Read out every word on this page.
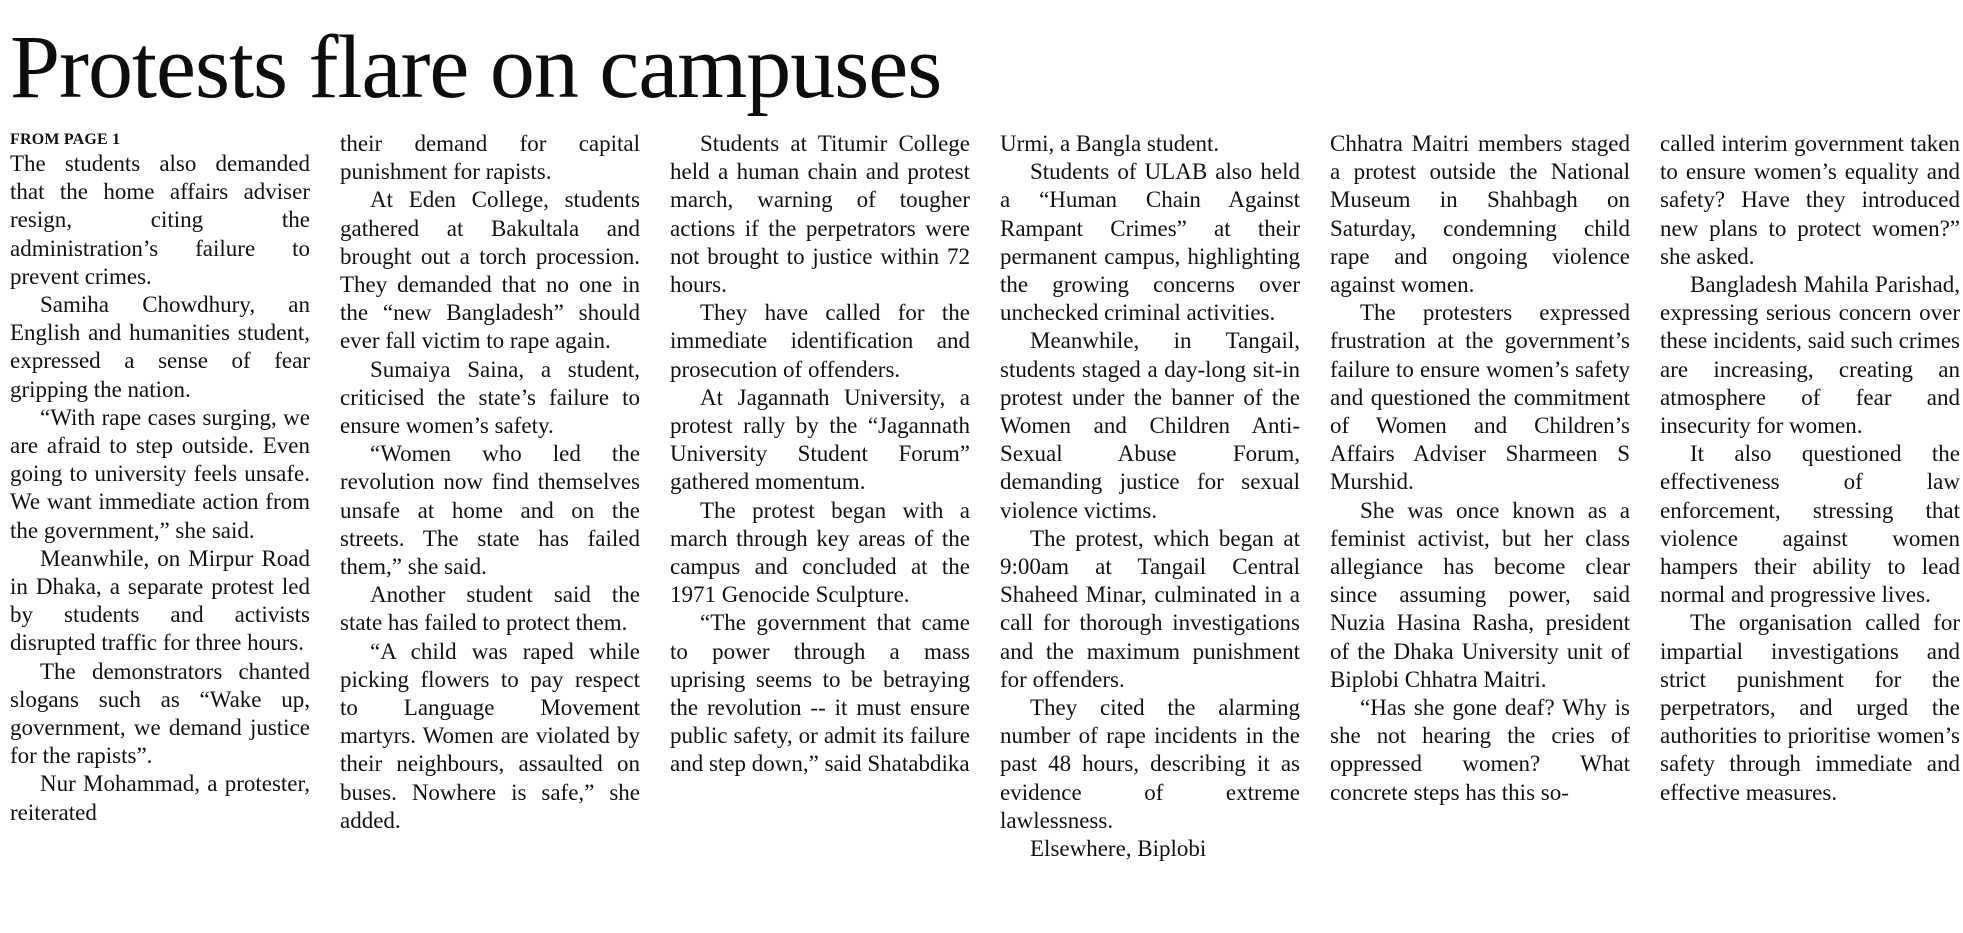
Protests flare on campuses
FROM PAGE 1

The students also demanded that the home affairs adviser resign, citing the administration’s failure to prevent crimes.

Samiha Chowdhury, an English and humanities student, expressed a sense of fear gripping the nation.

“With rape cases surging, we are afraid to step outside. Even going to university feels unsafe. We want immediate action from the government,” she said.

Meanwhile, on Mirpur Road in Dhaka, a separate protest led by students and activists disrupted traffic for three hours.

The demonstrators chanted slogans such as “Wake up, government, we demand justice for the rapists”.

Nur Mohammad, a protester, reiterated

their demand for capital punishment for rapists.

At Eden College, students gathered at Bakultala and brought out a torch procession. They demanded that no one in the “new Bangladesh” should ever fall victim to rape again.

Sumaiya Saina, a student, criticised the state’s failure to ensure women’s safety.

“Women who led the revolution now find themselves unsafe at home and on the streets. The state has failed them,” she said.

Another student said the state has failed to protect them.

“A child was raped while picking flowers to pay respect to Language Movement martyrs. Women are violated by their neighbours, assaulted on buses. Nowhere is safe,” she added.

Students at Titumir College held a human chain and protest march, warning of tougher actions if the perpetrators were not brought to justice within 72 hours.

They have called for the immediate identification and prosecution of offenders.

At Jagannath University, a protest rally by the “Jagannath University Student Forum” gathered momentum.

The protest began with a march through key areas of the campus and concluded at the 1971 Genocide Sculpture.

“The government that came to power through a mass uprising seems to be betraying the revolution -- it must ensure public safety, or admit its failure and step down,” said Shatabdika

Urmi, a Bangla student.

Students of ULAB also held a “Human Chain Against Rampant Crimes” at their permanent campus, highlighting the growing concerns over unchecked criminal activities.

Meanwhile, in Tangail, students staged a day-long sit-in protest under the banner of the Women and Children Anti-Sexual Abuse Forum, demanding justice for sexual violence victims.

The protest, which began at 9:00am at Tangail Central Shaheed Minar, culminated in a call for thorough investigations and the maximum punishment for offenders.

They cited the alarming number of rape incidents in the past 48 hours, describing it as evidence of extreme lawlessness.

Elsewhere, Biplobi

Chhatra Maitri members staged a protest outside the National Museum in Shahbagh on Saturday, condemning child rape and ongoing violence against women.

The protesters expressed frustration at the government’s failure to ensure women’s safety and questioned the commitment of Women and Children’s Affairs Adviser Sharmeen S Murshid.

She was once known as a feminist activist, but her class allegiance has become clear since assuming power, said Nuzia Hasina Rasha, president of the Dhaka University unit of Biplobi Chhatra Maitri.

“Has she gone deaf? Why is she not hearing the cries of oppressed women? What concrete steps has this so-

called interim government taken to ensure women’s equality and safety? Have they introduced new plans to protect women?” she asked.

Bangladesh Mahila Parishad, expressing serious concern over these incidents, said such crimes are increasing, creating an atmosphere of fear and insecurity for women.

It also questioned the effectiveness of law enforcement, stressing that violence against women hampers their ability to lead normal and progressive lives.

The organisation called for impartial investigations and strict punishment for the perpetrators, and urged the authorities to prioritise women’s safety through immediate and effective measures.
